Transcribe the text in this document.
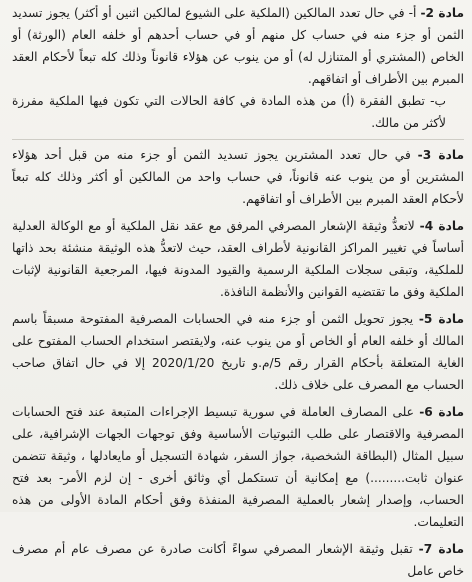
مادة 2- أ- في حال تعدد المالكين (الملكية على الشيوع لمالكين اثنين أو أكثر) يجوز تسديد الثمن أو جزء منه في حساب كل منهم أو في حساب أحدهم أو خلفه العام (الورثة) أو الخاص (المشتري أو المتنازل له) أو من ينوب عن هؤلاء قانوناً وذلك كله تبعاً لأحكام العقد المبرم بين الأطراف أو اتفاقهم.
ب- تطبق الفقرة (أ) من هذه المادة في كافة الحالات التي تكون فيها الملكية مفرزة لأكثر من مالك.

مادة 3- في حال تعدد المشترين يجوز تسديد الثمن أو جزء منه من قبل أحد هؤلاء المشترين أو من ينوب عنه قانوناً، في حساب واحد من المالكين أو أكثر وذلك كله تبعاً لأحكام العقد المبرم بين الأطراف أو اتفاقهم.

مادة 4- لاتعدُّ وثيقة الإشعار المصرفي المرفق مع عقد نقل الملكية أو مع الوكالة العدلية أساساً في تغيير المراكز القانونية لأطراف العقد، حيث لاتعدُّ هذه الوثيقة منشئة بحد ذاتها للملكية، وتبقى سجلات الملكية الرسمية والقيود المدونة فيها، المرجعية القانونية لإثبات الملكية وفق ما تقتضيه القوانين والأنظمة النافذة.

مادة 5- يجوز تحويل الثمن أو جزء منه في الحسابات المصرفية المفتوحة مسبقاً باسم المالك أو خلفه العام أو الخاص أو من ينوب عنه، ولايقتصر استخدام الحساب المفتوح على الغاية المتعلقة بأحكام القرار رقم 5/م.و تاريخ 2020/1/20 إلا في حال اتفاق صاحب الحساب مع المصرف على خلاف ذلك.

مادة 6- على المصارف العاملة في سورية تبسيط الإجراءات المتبعة عند فتح الحسابات المصرفية والاقتصار على طلب الثبوتيات الأساسية وفق توجهات الجهات الإشرافية، على سبيل المثال (البطاقة الشخصية، جواز السفر، شهادة التسجيل أو مايعادلها ، وثيقة تتضمن عنوان ثابت.........) مع إمكانية أن تستكمل أي وثائق أخرى - إن لزم الأمر- بعد فتح الحساب، وإصدار إشعار بالعملية المصرفية المنفذة وفق أحكام المادة الأولى من هذه التعليمات.

مادة 7- تقبل وثيقة الإشعار المصرفي سواءً أكانت صادرة عن مصرف عام أم مصرف خاص عامل
